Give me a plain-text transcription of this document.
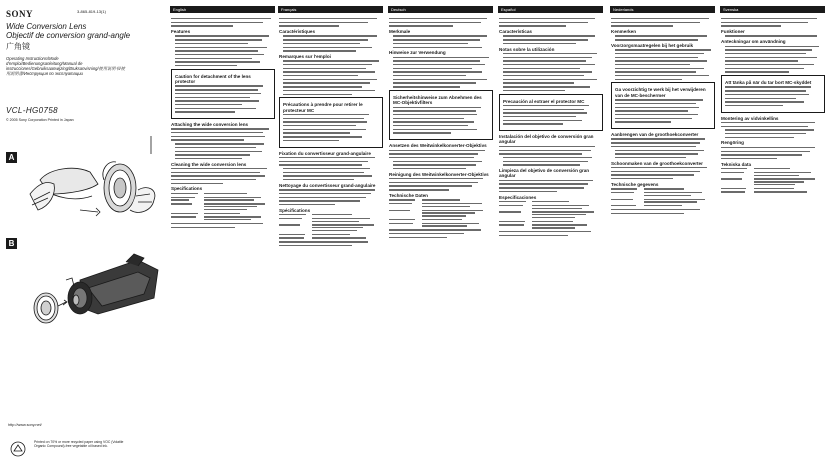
SONY	3-865-819-13(1)
Wide Conversion Lens
Objectif de conversion grand-angle
广角镜
Operating Instructions/Mode d'emploi/Bedienungsanleitung/Manual de instrucciones/Gebruiksaanwijzing/Bruksanvisning/使用说明书/使用説明書/Инструкция по эксплуатации
VCL-HG0758
© 2005 Sony Corporation Printed in Japan
A
B
http://www.sony.net/
Printed on 70% or more recycled paper using VOC (Volatile Organic Compound)-free vegetable oil based ink.
English
Features
Caution for detachment of the lens protector
Attaching the wide conversion lens
Cleaning the wide conversion lens
Specifications
Français
Caractéristiques
Remarques sur l'emploi
Précautions à prendre pour retirer le protecteur MC
Fixation du convertisseur grand-angulaire
Nettoyage du convertisseur grand-angulaire
Spécifications
Deutsch
Merkmale
Hinweise zur Verwendung
Sicherheitshinweise zum Abnehmen des MC-Objektivfilters
Ansetzen des Weitwinkelkonverter-Objektivs
Reinigung des Weitwinkelkonverter-Objektivs
Technische Daten
Español
Características
Notas sobre la utilización
Precaución al extraer el protector MC
Instalación del objetivo de conversión gran angular
Limpieza del objetivo de conversión gran angular
Especificaciones
Nederlands
Kenmerken
Voorzorgsmaatregelen bij het gebruik
Ga voorzichtig te werk bij het verwijderen van de MC-beschermer
Aanbrengen van de groothoekconverter
Schoonmaken van de groothoekconverter
Technische gegevens
Svenska
Funktioner
Anteckningar om användning
Att tänka på när du tar bort MC-skyddet
Montering av vidvinkellins
Rengöring
Tekniska data
